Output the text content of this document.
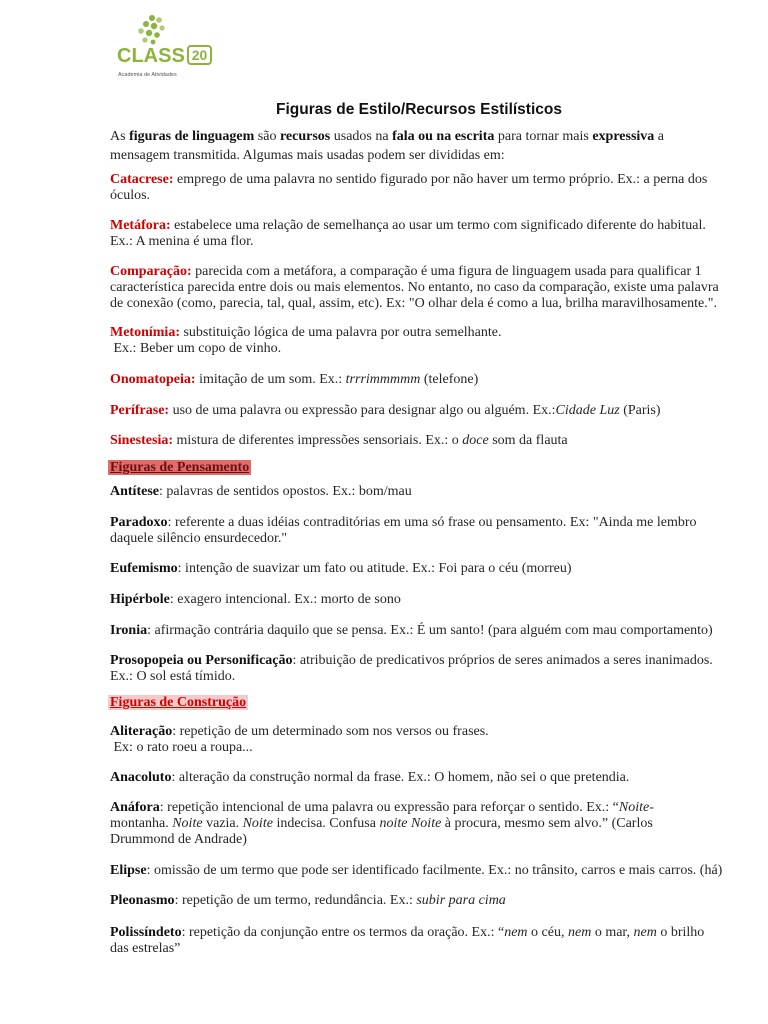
CLASS 20
Academia de Atividades
Figuras de Estilo/Recursos Estilísticos

As figuras de linguagem são recursos usados na fala ou na escrita para tornar mais expressiva a
mensagem transmitida. Algumas mais usadas podem ser divididas em:

Catacrese: emprego de uma palavra no sentido figurado por não haver um termo próprio. Ex.: a perna dos
óculos.

Metáfora: estabelece uma relação de semelhança ao usar um termo com significado diferente do habitual.
Ex.: A menina é uma flor.

Comparação: parecida com a metáfora, a comparação é uma figura de linguagem usada para qualificar 1
característica parecida entre dois ou mais elementos. No entanto, no caso da comparação, existe uma palavra
de conexão (como, parecia, tal, qual, assim, etc). Ex: "O olhar dela é como a lua, brilha maravilhosamente.".

Metonímia: substituição lógica de uma palavra por outra semelhante.
Ex.: Beber um copo de vinho.

Onomatopeia: imitação de um som. Ex.: trrrimmmmm (telefone)

Perífrase: uso de uma palavra ou expressão para designar algo ou alguém. Ex.:Cidade Luz (Paris)

Sinestesia: mistura de diferentes impressões sensoriais. Ex.: o doce som da flauta

Figuras de Pensamento

Antítese: palavras de sentidos opostos. Ex.: bom/mau

Paradoxo: referente a duas idéias contraditórias em uma só frase ou pensamento. Ex: "Ainda me lembro
daquele silêncio ensurdecedor."

Eufemismo: intenção de suavizar um fato ou atitude. Ex.: Foi para o céu (morreu)

Hipérbole: exagero intencional. Ex.: morto de sono

Ironia: afirmação contrária daquilo que se pensa. Ex.: É um santo! (para alguém com mau comportamento)

Prosopopeia ou Personificação: atribuição de predicativos próprios de seres animados a seres inanimados.
Ex.: O sol está tímido.

Figuras de Construção

Aliteração: repetição de um determinado som nos versos ou frases.
Ex: o rato roeu a roupa...

Anacoluto: alteração da construção normal da frase. Ex.: O homem, não sei o que pretendia.

Anáfora: repetição intencional de uma palavra ou expressão para reforçar o sentido. Ex.: “Noite-
montanha. Noite vazia. Noite indecisa. Confusa noite Noite à procura, mesmo sem alvo.” (Carlos
Drummond de Andrade)

Elipse: omissão de um termo que pode ser identificado facilmente. Ex.: no trânsito, carros e mais carros. (há)

Pleonasmo: repetição de um termo, redundância. Ex.: subir para cima

Polissíndeto: repetição da conjunção entre os termos da oração. Ex.: “nem o céu, nem o mar, nem o brilho
das estrelas”
